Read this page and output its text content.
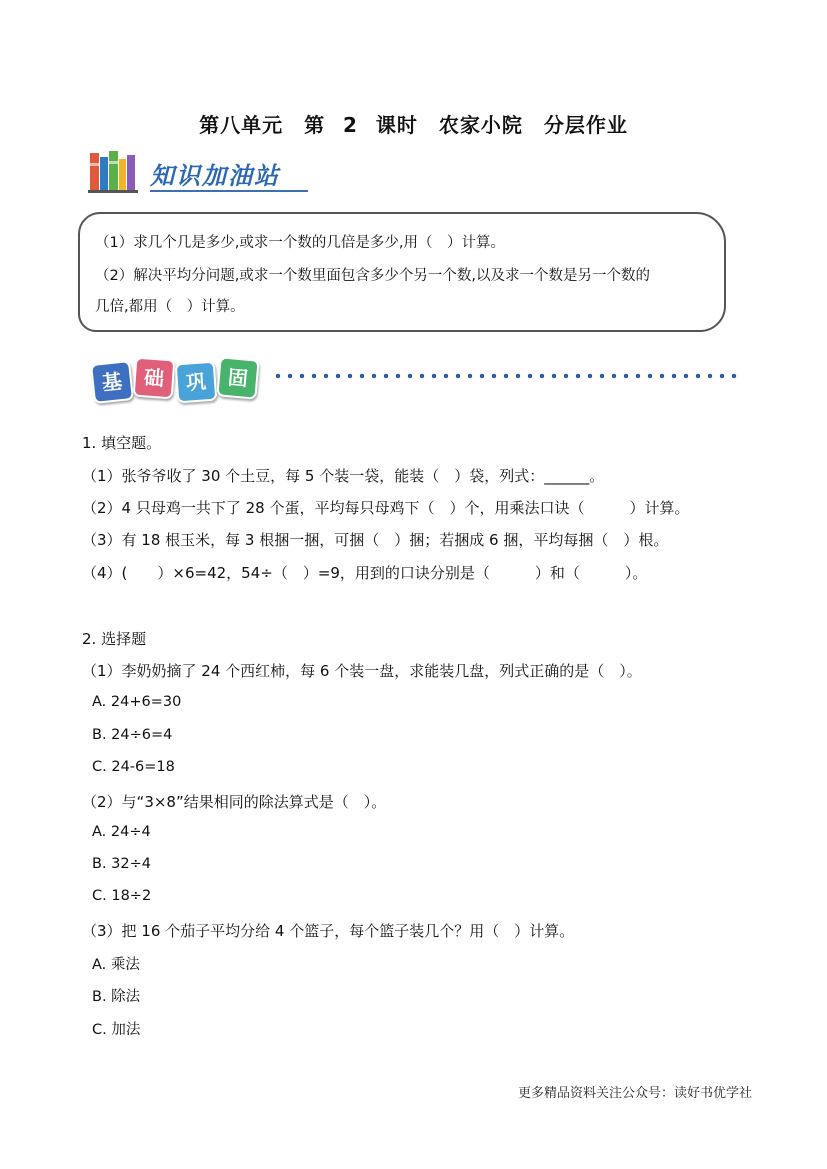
第八单元　第 2 课时　农家小院　分层作业
知识加油站
（1）求几个几是多少,或求一个数的几倍是多少,用（　）计算。
（2）解决平均分问题,或求一个数里面包含多少个另一个数,以及求一个数是另一个数的
几倍,都用（　）计算。
基 础	巩	固
1. 填空题。
（1）张爷爷收了 30 个土豆，每 5 个装一袋，能装（　）袋，列式：______。
（2）4 只母鸡一共下了 28 个蛋，平均每只母鸡下（　）个，用乘法口诀（　　　）计算。
（3）有 18 根玉米，每 3 根捆一捆，可捆（　）捆；若捆成 6 捆，平均每捆（　）根。
（4）(　　）×6=42，54÷（　）=9，用到的口诀分别是（　　　）和（　　　）。
2. 选择题
（1）李奶奶摘了 24 个西红柿，每 6 个装一盘，求能装几盘，列式正确的是（　）。
A. 24+6=30
B. 24÷6=4
C. 24-6=18
（2）与“3×8”结果相同的除法算式是（　）。
A. 24÷4
B. 32÷4
C. 18÷2
（3）把 16 个茄子平均分给 4 个篮子，每个篮子装几个？用（　）计算。
A. 乘法
B. 除法
C. 加法
更多精品资料关注公众号：读好书优学社
